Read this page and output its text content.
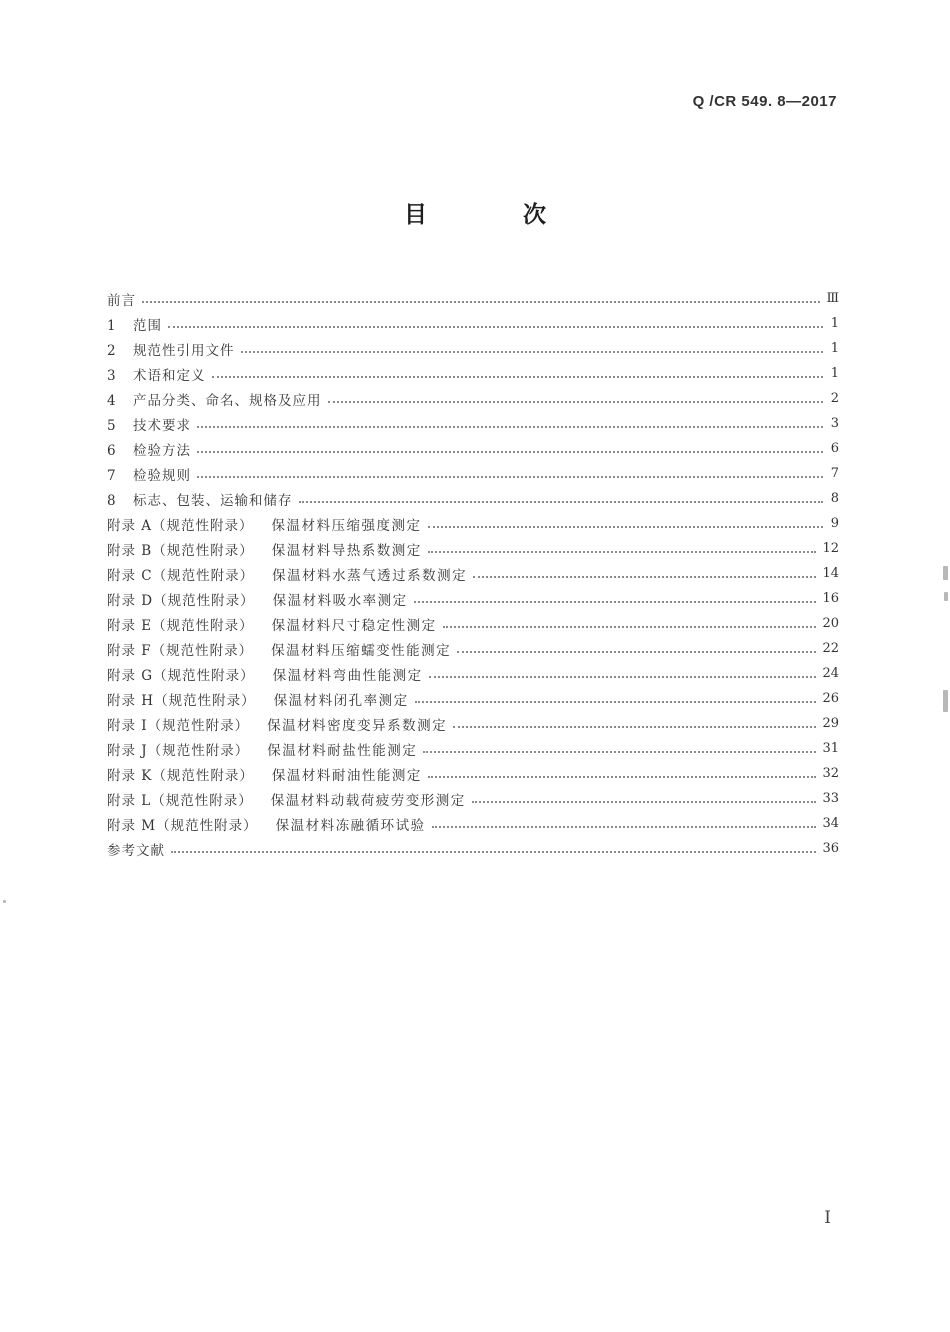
Q /CR 549. 8—2017
目 次
前言	Ⅲ
1 范围	1
2 规范性引用文件	1
3 术语和定义	1
4 产品分类、命名、规格及应用	2
5 技术要求	3
6 检验方法	6
7 检验规则	7
8 标志、包装、运输和储存	8
附录 A（规范性附录） 保温材料压缩强度测定	9
附录 B（规范性附录） 保温材料导热系数测定	12
附录 C（规范性附录） 保温材料水蒸气透过系数测定	14
附录 D（规范性附录） 保温材料吸水率测定	16
附录 E（规范性附录） 保温材料尺寸稳定性测定	20
附录 F（规范性附录） 保温材料压缩蠕变性能测定	22
附录 G（规范性附录） 保温材料弯曲性能测定	24
附录 H（规范性附录） 保温材料闭孔率测定	26
附录 I（规范性附录） 保温材料密度变异系数测定	29
附录 J（规范性附录） 保温材料耐盐性能测定	31
附录 K（规范性附录） 保温材料耐油性能测定	32
附录 L（规范性附录） 保温材料动载荷疲劳变形测定	33
附录 M（规范性附录） 保温材料冻融循环试验	34
参考文献	36
I
